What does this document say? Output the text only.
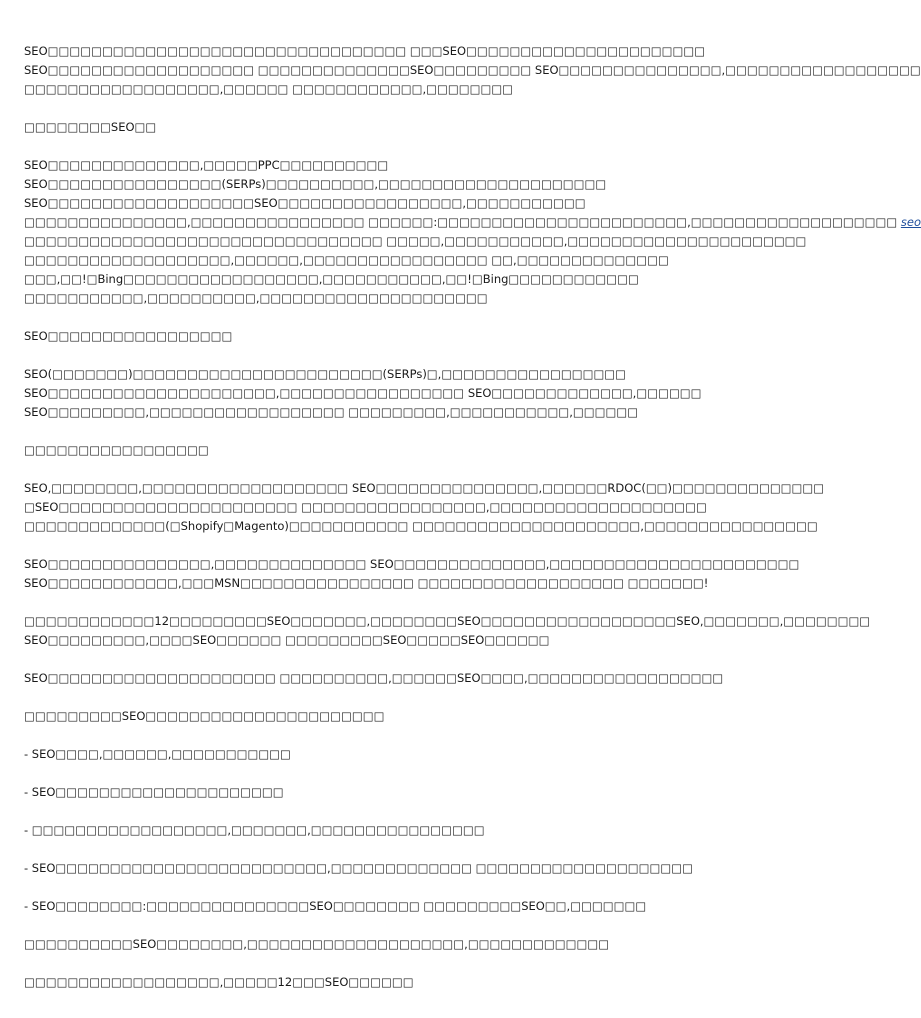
SEO□□□□□□□□□□□□□□□□□□□□□□□□□□□□□□□□□ □□□SEO□□□□□□□□□□□□□□□□□□□□□□
SEO□□□□□□□□□□□□□□□□□□□ □□□□□□□□□□□□□□SEO□□□□□□□□□ SEO□□□□□□□□□□□□□□□,□□□□□□□□□□□□□□□□□□
□□□□□□□□□□□□□□□□□□,□□□□□□ □□□□□□□□□□□□,□□□□□□□□
□□□□□□□□SEO□□
SEO□□□□□□□□□□□□□□,□□□□□PPC□□□□□□□□□□
SEO□□□□□□□□□□□□□□□□(SERPs)□□□□□□□□□□,□□□□□□□□□□□□□□□□□□□□□
SEO□□□□□□□□□□□□□□□□□□□SEO□□□□□□□□□□□□□□□□□,□□□□□□□□□□□
□□□□□□□□□□□□□□□,□□□□□□□□□□□□□□□□ □□□□□□:□□□□□□□□□□□□□□□□□□□□□□□,□□□□□□□□□□□□□□□□□□□ seo
□□□□□□□□□□□□□□□□□□□□□□□□□□□□□□□□□ □□□□□,□□□□□□□□□□□,□□□□□□□□□□□□□□□□□□□□□□
□□□□□□□□□□□□□□□□□□□,□□□□□□,□□□□□□□□□□□□□□□□□ □□,□□□□□□□□□□□□□□
□□□,□□!□Bing□□□□□□□□□□□□□□□□□□,□□□□□□□□□□□,□□!□Bing□□□□□□□□□□□□
□□□□□□□□□□□,□□□□□□□□□□,□□□□□□□□□□□□□□□□□□□□□
SEO□□□□□□□□□□□□□□□□□
SEO(□□□□□□□)□□□□□□□□□□□□□□□□□□□□□□□(SERPs)□,□□□□□□□□□□□□□□□□□
SEO□□□□□□□□□□□□□□□□□□□□□,□□□□□□□□□□□□□□□□□ SEO□□□□□□□□□□□□□,□□□□□□
SEO□□□□□□□□□,□□□□□□□□□□□□□□□□□□ □□□□□□□□□,□□□□□□□□□□□,□□□□□□
□□□□□□□□□□□□□□□□□
SEO,□□□□□□□□,□□□□□□□□□□□□□□□□□□□ SEO□□□□□□□□□□□□□□□,□□□□□□RDOC(□□)□□□□□□□□□□□□□□
□SEO□□□□□□□□□□□□□□□□□□□□□□ □□□□□□□□□□□□□□□□□,□□□□□□□□□□□□□□□□□□□□
□□□□□□□□□□□□□(□Shopify□Magento)□□□□□□□□□□□ □□□□□□□□□□□□□□□□□□□□□,□□□□□□□□□□□□□□□□
SEO□□□□□□□□□□□□□□□,□□□□□□□□□□□□□□ SEO□□□□□□□□□□□□□□,□□□□□□□□□□□□□□□□□□□□□□□
SEO□□□□□□□□□□□□,□□□MSN□□□□□□□□□□□□□□□□ □□□□□□□□□□□□□□□□□□□ □□□□□□□!
□□□□□□□□□□□□12□□□□□□□□□SEO□□□□□□□,□□□□□□□□SEO□□□□□□□□□□□□□□□□□□SEO,□□□□□□□,□□□□□□□□
SEO□□□□□□□□□,□□□□SEO□□□□□□ □□□□□□□□□SEO□□□□□SEO□□□□□□
SEO□□□□□□□□□□□□□□□□□□□□□ □□□□□□□□□□,□□□□□□SEO□□□□,□□□□□□□□□□□□□□□□□□
□□□□□□□□□SEO□□□□□□□□□□□□□□□□□□□□□□
- SEO□□□□,□□□□□□,□□□□□□□□□□□
- SEO□□□□□□□□□□□□□□□□□□□□□
- □□□□□□□□□□□□□□□□□□,□□□□□□□,□□□□□□□□□□□□□□□□
- SEO□□□□□□□□□□□□□□□□□□□□□□□□□,□□□□□□□□□□□□□ □□□□□□□□□□□□□□□□□□□□
- SEO□□□□□□□□:□□□□□□□□□□□□□□□SEO□□□□□□□□ □□□□□□□□□SEO□□,□□□□□□□
□□□□□□□□□□SEO□□□□□□□□,□□□□□□□□□□□□□□□□□□□□,□□□□□□□□□□□□□
□□□□□□□□□□□□□□□□□□,□□□□□12□□□SEO□□□□□□
